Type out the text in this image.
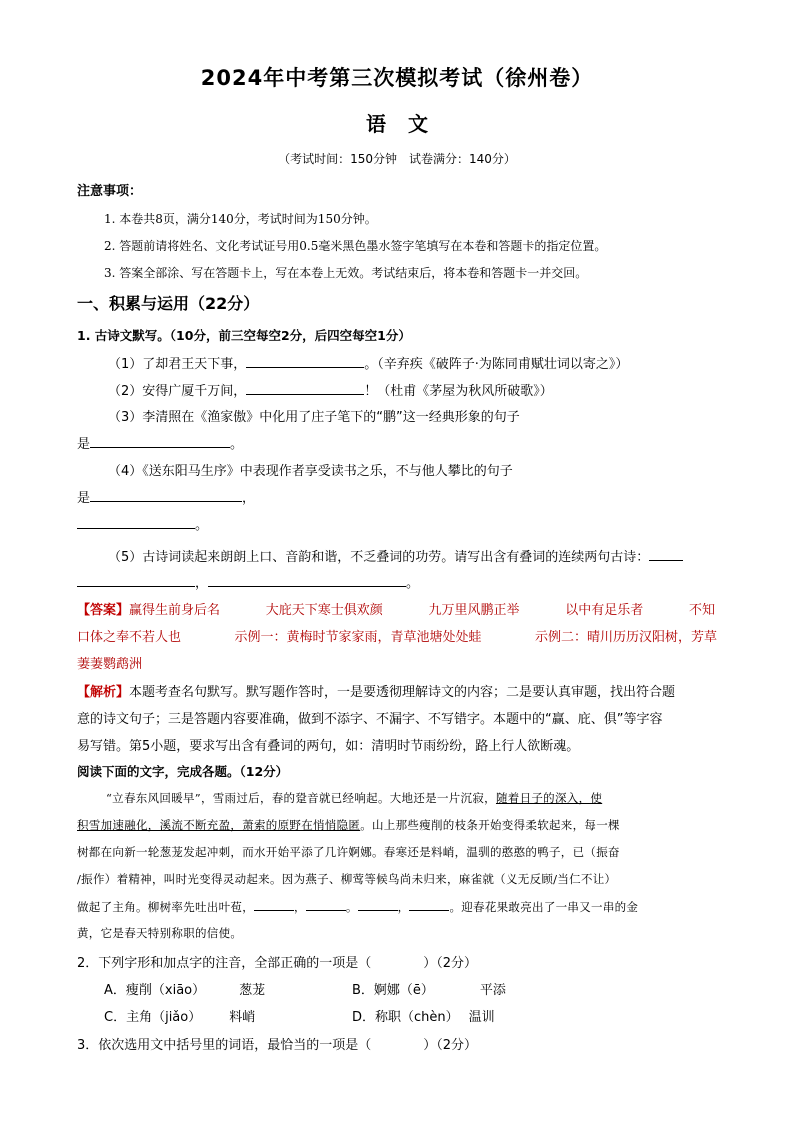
2024年中考第三次模拟考试（徐州卷）
语文
（考试时间：150分钟　试卷满分：140分）
注意事项：
1. 本卷共8页，满分140分，考试时间为150分钟。
2. 答题前请将姓名、文化考试证号用0.5毫米黑色墨水签字笔填写在本卷和答题卡的指定位置。
3. 答案全部涂、写在答题卡上，写在本卷上无效。考试结束后，将本卷和答题卡一并交回。
一、积累与运用（22分）
1. 古诗文默写。（10分，前三空每空2分，后四空每空1分）
（1）了却君王天下事，	。（辛弃疾《破阵子·为陈同甫赋壮词以寄之》）
（2）安得广厦千万间，	！（杜甫《茅屋为秋风所破歌》）
（3）李清照在《渔家傲》中化用了庄子笔下的“鹏”这一经典形象的句子
是	。
（4）《送东阳马生序》中表现作者享受读书之乐，不与他人攀比的句子
是	，
。
（5）古诗词读起来朗朗上口、音韵和谐，不乏叠词的功劳。请写出含有叠词的连续两句古诗：
，	。
【答案】赢得生前身后名	大庇天下寒士俱欢颜	九万里风鹏正举	以中有足乐者	不知
口体之奉不若人也	示例一：黄梅时节家家雨，青草池塘处处蛙	示例二：晴川历历汉阳树，芳草
萋萋鹦鹉洲
【解析】本题考查名句默写。默写题作答时，一是要透彻理解诗文的内容；二是要认真审题，找出符合题
意的诗文句子；三是答题内容要准确，做到不添字、不漏字、不写错字。本题中的“赢、庇、俱”等字容
易写错。第5小题，要求写出含有叠词的两句，如：清明时节雨纷纷，路上行人欲断魂。
阅读下面的文字，完成各题。（12分）
“立春东风回暖早”，雪雨过后，春的跫音就已经响起。大地还是一片沉寂，随着日子的深入，使
积雪加速融化，溪流不断充盈，萧索的原野在悄悄隐匿。山上那些瘦削的枝条开始变得柔软起来，每一棵
树都在向新一轮葱茏发起冲刺，而水开始平添了几许婀娜。春寒还是料峭，温驯的憨憨的鸭子，已（振奋
/振作）着精神，叫时光变得灵动起来。因为燕子、柳莺等候鸟尚未归来，麻雀就（义无反顾/当仁不让）
做起了主角。柳树率先吐出叶苞，	，	。	，	。迎春花果敢亮出了一串又一串的金
黄，它是春天特别称职的信使。
2．下列字形和加点字的注音，全部正确的一项是（　　　　）（2分）
A．瘦削（xiāo）	葱茏	B．婀娜（ē）	平添
C．主角（jiǎo） 料峭	D．称职（chèn） 温训
3．依次选用文中括号里的词语，最恰当的一项是（　　　　）（2分）
